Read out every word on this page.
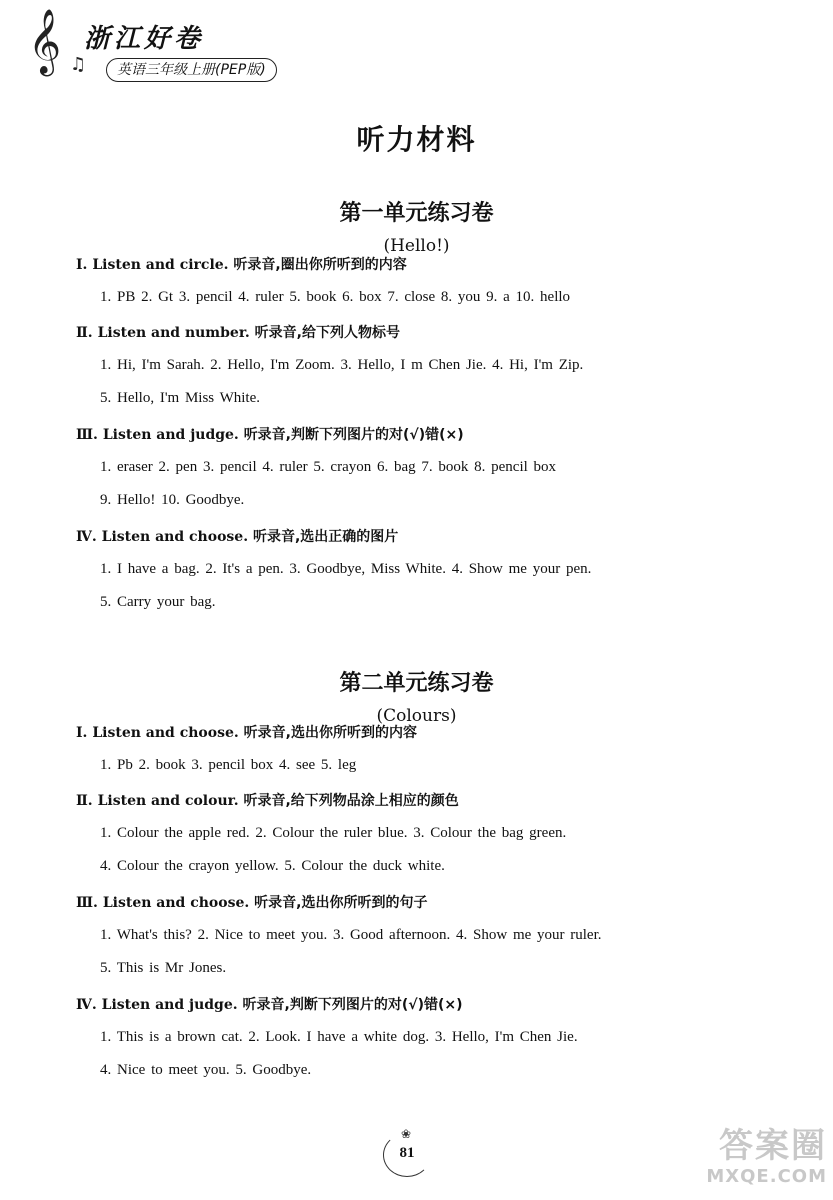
𝄞 ♫
浙江好卷
英语三年级上册(PEP版)
听力材料
第一单元练习卷
(Hello!)
Ⅰ. Listen and circle. 听录音,圈出你所听到的内容
1. PB 2. Gt 3. pencil 4. ruler 5. book 6. box 7. close 8. you 9. a 10. hello
Ⅱ. Listen and number. 听录音,给下列人物标号
1. Hi, I'm Sarah. 2. Hello, I'm Zoom. 3. Hello, I m Chen Jie. 4. Hi, I'm Zip.
5. Hello, I'm Miss White.
Ⅲ. Listen and judge. 听录音,判断下列图片的对(√)错(×)
1. eraser 2. pen 3. pencil 4. ruler 5. crayon 6. bag 7. book 8. pencil box
9. Hello! 10. Goodbye.
Ⅳ. Listen and choose. 听录音,选出正确的图片
1. I have a bag. 2. It's a pen. 3. Goodbye, Miss White. 4. Show me your pen.
5. Carry your bag.
第二单元练习卷
(Colours)
Ⅰ. Listen and choose. 听录音,选出你所听到的内容
1. Pb 2. book 3. pencil box 4. see 5. leg
Ⅱ. Listen and colour. 听录音,给下列物品涂上相应的颜色
1. Colour the apple red. 2. Colour the ruler blue. 3. Colour the bag green.
4. Colour the crayon yellow. 5. Colour the duck white.
Ⅲ. Listen and choose. 听录音,选出你所听到的句子
1. What's this? 2. Nice to meet you. 3. Good afternoon. 4. Show me your ruler.
5. This is Mr Jones.
Ⅳ. Listen and judge. 听录音,判断下列图片的对(√)错(×)
1. This is a brown cat. 2. Look. I have a white dog. 3. Hello, I'm Chen Jie.
4. Nice to meet you. 5. Goodbye.
❀
81	答案圈
MXQE.COM
